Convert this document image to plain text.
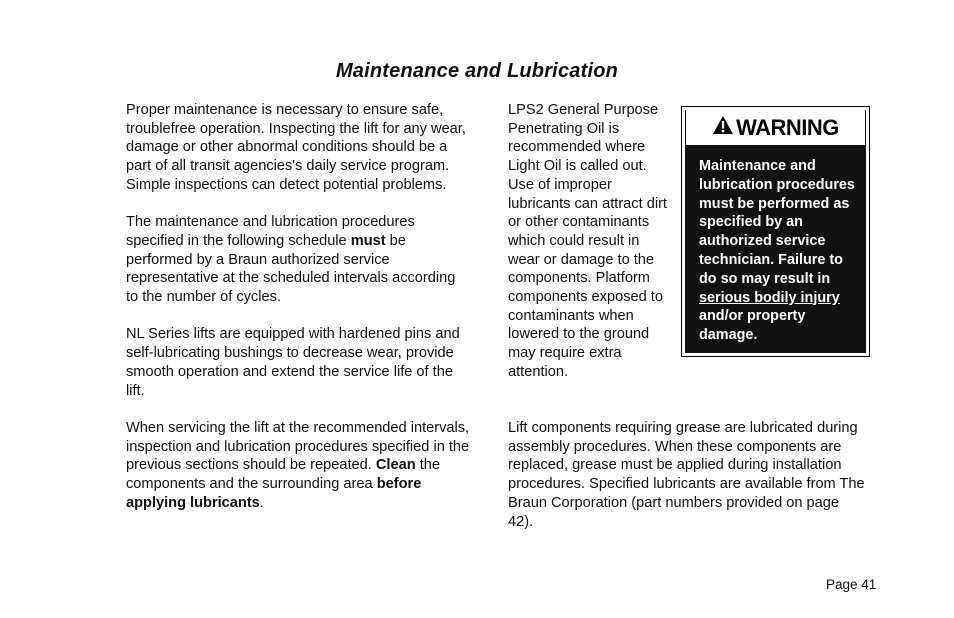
Maintenance and Lubrication

Proper maintenance is necessary to ensure safe, troublefree operation. Inspecting the lift for any wear, damage or other abnormal conditions should be a part of all transit agencies's daily service program. Simple inspections can detect potential problems.

The maintenance and lubrication procedures specified in the following schedule must be performed by a Braun authorized service representative at the scheduled intervals according to the number of cycles.

NL Series lifts are equipped with hardened pins and self-lubricating bushings to decrease wear, provide smooth operation and extend the service life of the lift.

When servicing the lift at the recommended intervals, inspection and lubrication procedures specified in the previous sections should be repeated. Clean the components and the surrounding area before applying lubricants.

LPS2 General Purpose Penetrating Oil is recommended where Light Oil is called out. Use of improper lubricants can attract dirt or other contaminants which could result in wear or damage to the components. Platform components exposed to contaminants when lowered to the ground may require extra attention.

Lift components requiring grease are lubricated during assembly procedures. When these components are replaced, grease must be applied during installation procedures. Specified lubricants are available from The Braun Corporation (part numbers provided on page 42).

WARNING
Maintenance and lubrication procedures must be performed as specified by an authorized service technician. Failure to do so may result in serious bodily injury and/or property damage.
Page 41
